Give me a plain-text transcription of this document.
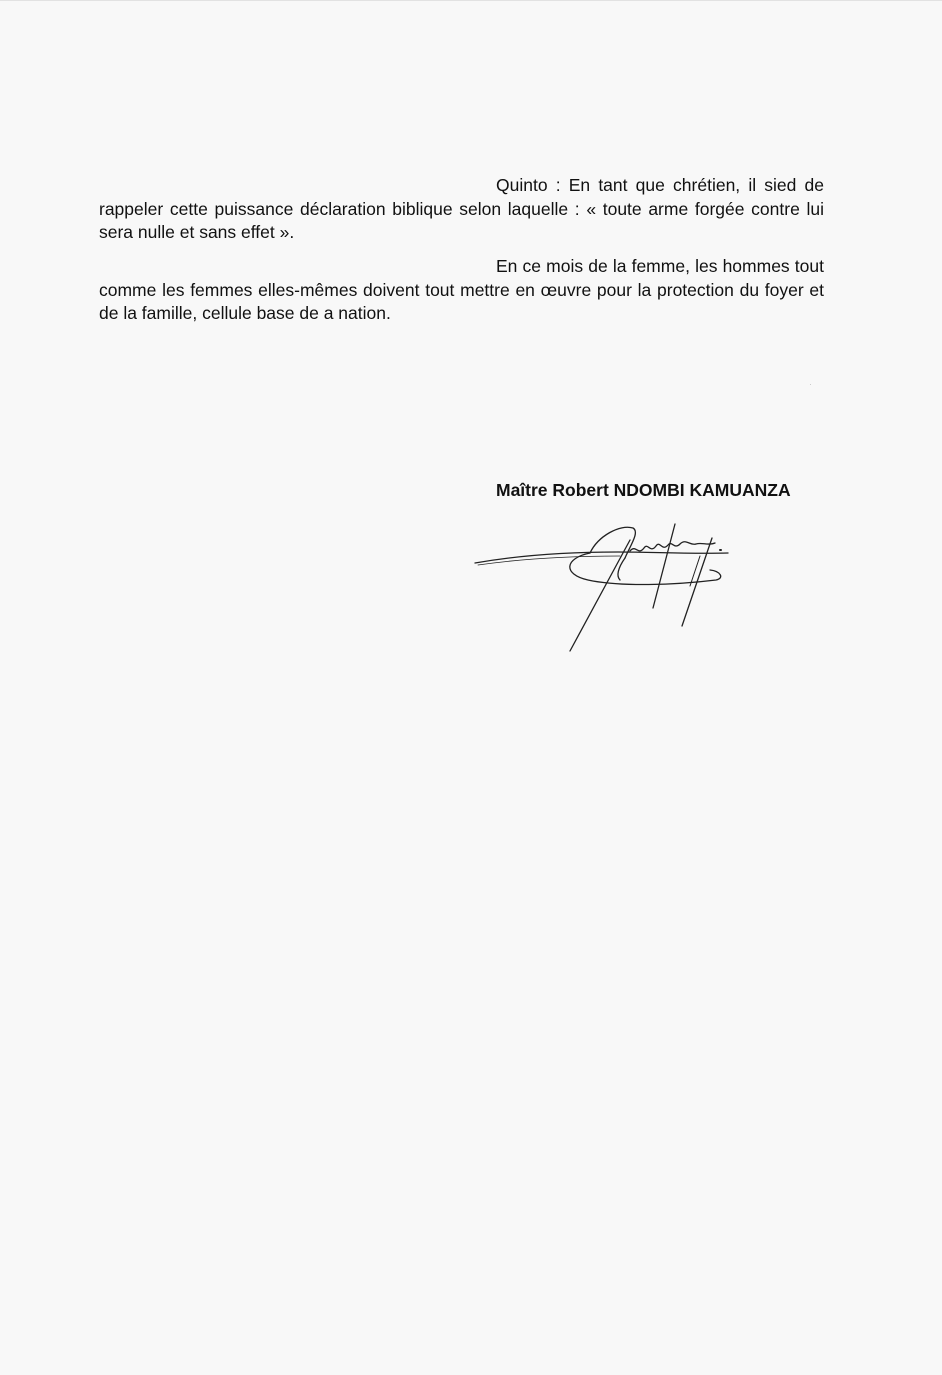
Quinto : En tant que chrétien, il sied de
rappeler cette puissance déclaration biblique selon laquelle : « toute arme forgée contre lui
sera nulle et sans effet ».

En ce mois de la femme, les hommes tout
comme les femmes elles-mêmes doivent tout mettre en œuvre pour la protection du foyer et
de la famille, cellule base de a nation.

Maître Robert NDOMBI KAMUANZA
